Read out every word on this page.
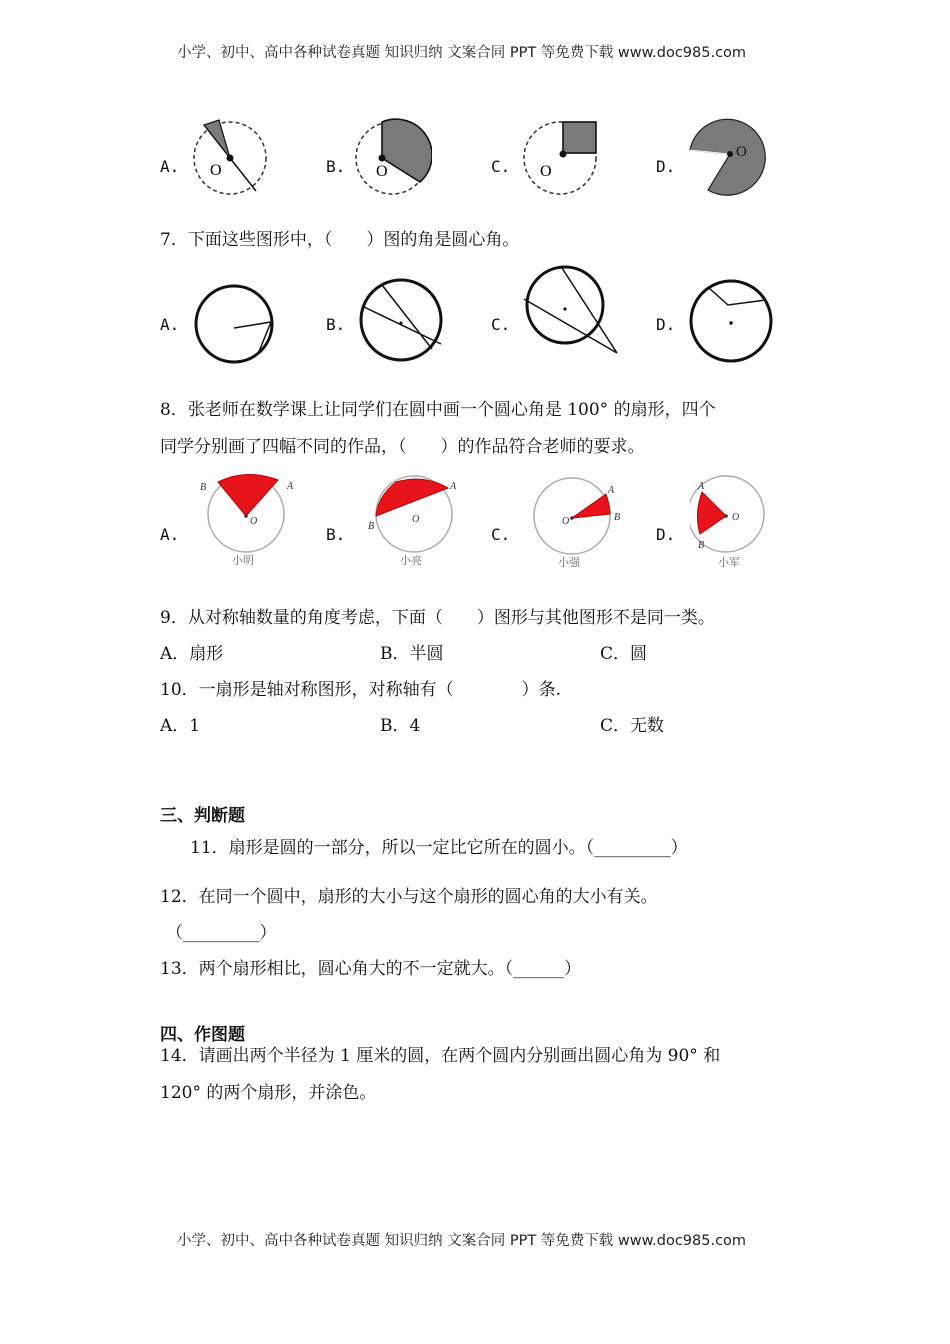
小学、初中、高中各种试卷真题 知识归纳 文案合同 PPT 等免费下载 www.doc985.com
A. O	B. O	C. O	D.
O
7．下面这些图形中，（　　）图的角是圆心角。
A.	B.	C.	D.
8．张老师在数学课上让同学们在圆中画一个圆心角是 100° 的扇形，四个
同学分别画了四幅不同的作品，（　　）的作品符合老师的要求。
A.
B	A
O
小明
B.
A
B
O
小亮
C.
A
B
O
小强
D.
A
B
O
小军
9．从对称轴数量的角度考虑，下面（　　）图形与其他图形不是同一类。
A．扇形	B．半圆	C．圆
10．一扇形是轴对称图形，对称轴有（　　　　）条.
A．1	B．4	C．无数
三、判断题
11．扇形是圆的一部分，所以一定比它所在的圆小。（_________）
12．在同一个圆中，扇形的大小与这个扇形的圆心角的大小有关。
（_________）
13．两个扇形相比，圆心角大的不一定就大。（______）
四、作图题
14．请画出两个半径为 1 厘米的圆，在两个圆内分别画出圆心角为 90° 和
120° 的两个扇形，并涂色。
小学、初中、高中各种试卷真题 知识归纳 文案合同 PPT 等免费下载 www.doc985.com
